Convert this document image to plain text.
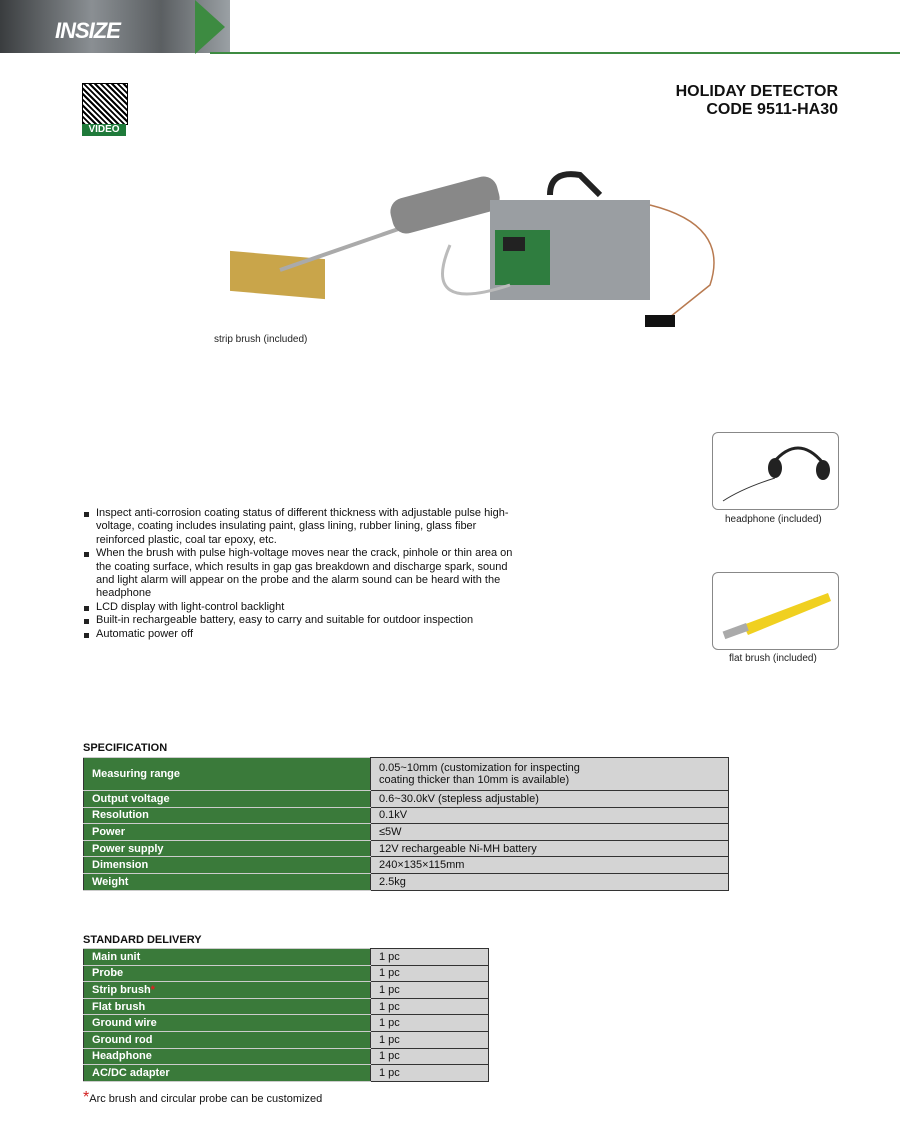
INSIZE
VIDEO
HOLIDAY DETECTOR
CODE 9511-HA30
strip brush (included)
headphone (included)
flat brush (included)
Inspect anti-corrosion coating status of different thickness with adjustable pulse high-voltage, coating includes insulating paint, glass lining, rubber lining, glass fiber reinforced plastic, coal tar epoxy, etc.
When the brush with pulse high-voltage moves near the crack, pinhole or thin area on the coating surface, which results in gap gas breakdown and discharge spark, sound and light alarm will appear on the probe and the alarm sound can be heard with the headphone
LCD display with light-control backlight
Built-in rechargeable battery, easy to carry and suitable for outdoor inspection
Automatic power off
SPECIFICATION
Measuring range	0.05~10mm (customization for inspecting coating thicker than 10mm is available)
Output voltage	0.6~30.0kV (stepless adjustable)
Resolution	0.1kV
Power	≤5W
Power supply	12V rechargeable Ni-MH battery
Dimension	240×135×115mm
Weight	2.5kg
STANDARD DELIVERY
Main unit	1 pc
Probe	1 pc
Strip brush*	1 pc
Flat brush	1 pc
Ground wire	1 pc
Ground rod	1 pc
Headphone	1 pc
AC/DC adapter	1 pc
*Arc brush and circular probe can be customized
